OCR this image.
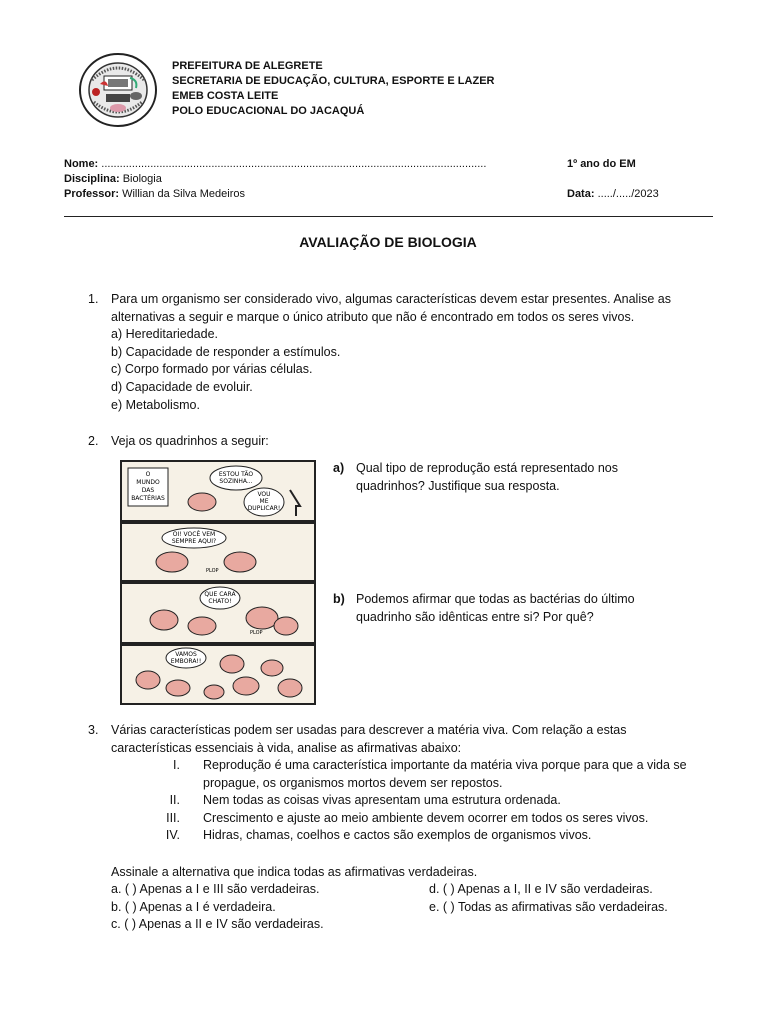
PREFEITURA DE ALEGRETE
SECRETARIA DE EDUCAÇÃO, CULTURA, ESPORTE E LAZER
EMEB COSTA LEITE
POLO EDUCACIONAL DO JACAQUÁ
Nome: ..............................................................................................................................	1º ano do EM
Disciplina: Biologia
Professor: Willian da Silva Medeiros	Data: ...../...../2023
AVALIAÇÃO DE BIOLOGIA
1. Para um organismo ser considerado vivo, algumas características devem estar presentes. Analise as
alternativas a seguir e marque o único atributo que não é encontrado em todos os seres vivos.
a) Hereditariedade.
b) Capacidade de responder a estímulos.
c) Corpo formado por várias células.
d) Capacidade de evoluir.
e) Metabolismo.
2. Veja os quadrinhos a seguir:
O
MUNDO
DAS
BACTÉRIAS
ESTOU TÃO
SOZINHA...
VOU
ME
DUPLICAR!
OI! VOCÊ VEM
SEMPRE AQUI?
PLOP
QUE CARA
CHATO!
PLOP
VAMOS
EMBORA!!
a) Qual tipo de reprodução está representado nos
quadrinhos? Justifique sua resposta.
b) Podemos afirmar que todas as bactérias do último
quadrinho são idênticas entre si? Por quê?
3. Várias características podem ser usadas para descrever a matéria viva. Com relação a estas
características essenciais à vida, analise as afirmativas abaixo:
I. Reprodução é uma característica importante da matéria viva porque para que a vida se
propague, os organismos mortos devem ser repostos.
II. Nem todas as coisas vivas apresentam uma estrutura ordenada.
III. Crescimento e ajuste ao meio ambiente devem ocorrer em todos os seres vivos.
IV. Hidras, chamas, coelhos e cactos são exemplos de organismos vivos.
Assinale a alternativa que indica todas as afirmativas verdadeiras.
a. ( ) Apenas a I e III são verdadeiras.
b. ( ) Apenas a I é verdadeira.
c. ( ) Apenas a II e IV são verdadeiras.
d. ( ) Apenas a I, II e IV são verdadeiras.
e. ( ) Todas as afirmativas são verdadeiras.
